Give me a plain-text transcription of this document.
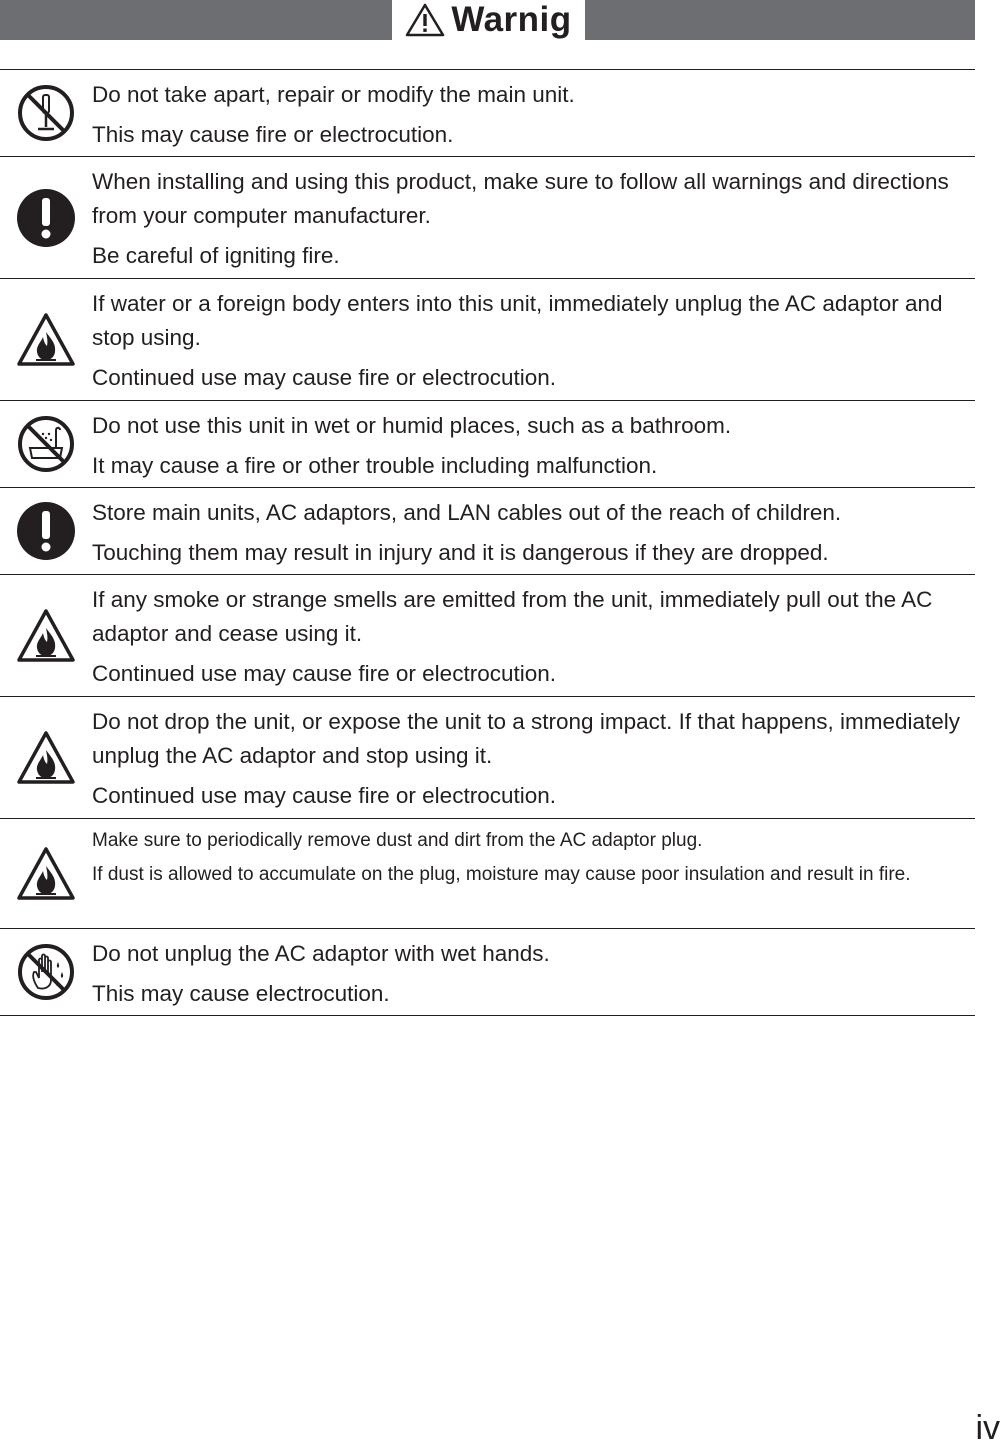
Warnig

Do not take apart, repair or modify the main unit.

This may cause fire or electrocution.

When installing and using this product, make sure to follow all warnings and directions from your computer manufacturer.

Be careful of igniting fire.

If water or a foreign body enters into this unit, immediately unplug the AC adaptor and stop using.

Continued use may cause fire or electrocution.

Do not use this unit in wet or humid places, such as a bathroom.

It may cause a fire or other trouble including malfunction.

Store main units, AC adaptors, and LAN cables out of the reach of children.

Touching them may result in injury and it is dangerous if they are dropped.

If any smoke or strange smells are emitted from the unit, immediately pull out the AC adaptor and cease using it.

Continued use may cause fire or electrocution.

Do not drop the unit, or expose the unit to a strong impact. If that happens, immediately unplug the AC adaptor and stop using it.

Continued use may cause fire or electrocution.

Make sure to periodically remove dust and dirt from the AC adaptor plug.

If dust is allowed to accumulate on the plug, moisture may cause poor insulation and result in fire.

Do not unplug the AC adaptor with wet hands.

This may cause electrocution.

iv
